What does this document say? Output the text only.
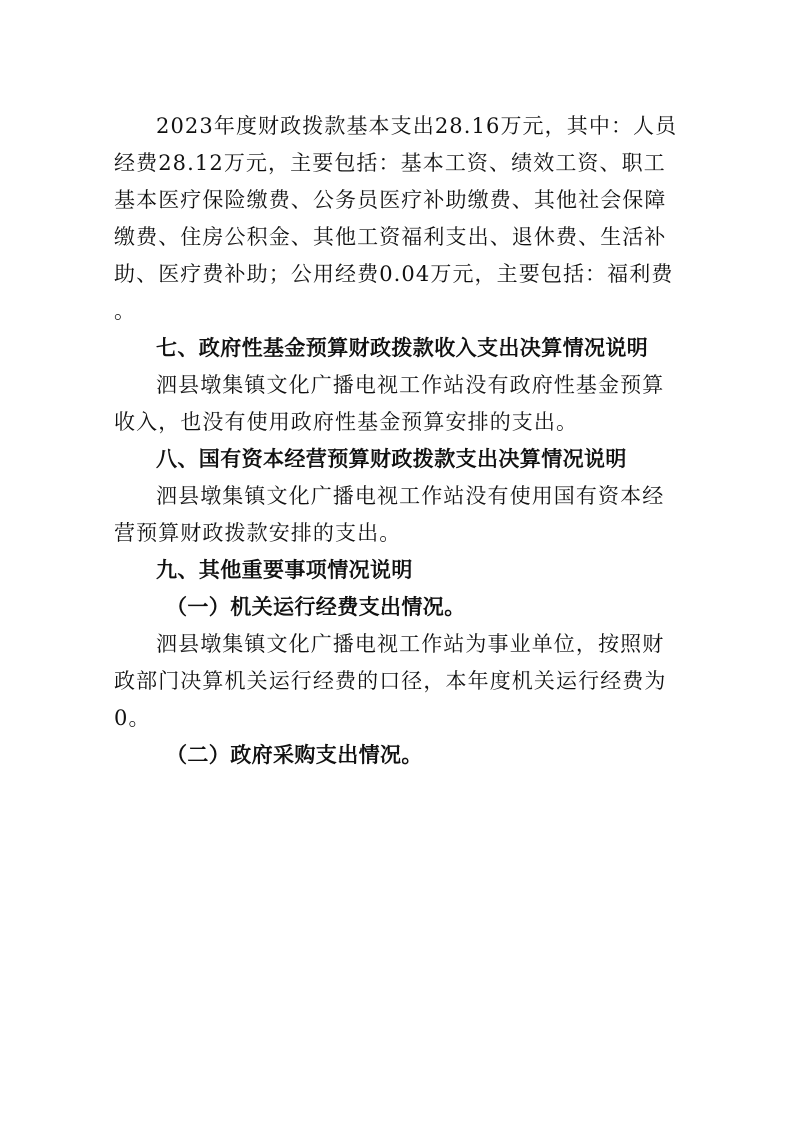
2023年度财政拨款基本支出28.16万元，其中：人员
经费28.12万元，主要包括：基本工资、绩效工资、职工
基本医疗保险缴费、公务员医疗补助缴费、其他社会保障
缴费、住房公积金、其他工资福利支出、退休费、生活补
助、医疗费补助；公用经费0.04万元，主要包括：福利费
。
七、政府性基金预算财政拨款收入支出决算情况说明
泗县墩集镇文化广播电视工作站没有政府性基金预算
收入，也没有使用政府性基金预算安排的支出。
八、国有资本经营预算财政拨款支出决算情况说明
泗县墩集镇文化广播电视工作站没有使用国有资本经
营预算财政拨款安排的支出。
九、其他重要事项情况说明
（一）机关运行经费支出情况。
泗县墩集镇文化广播电视工作站为事业单位，按照财
政部门决算机关运行经费的口径，本年度机关运行经费为
0。
（二）政府采购支出情况。
